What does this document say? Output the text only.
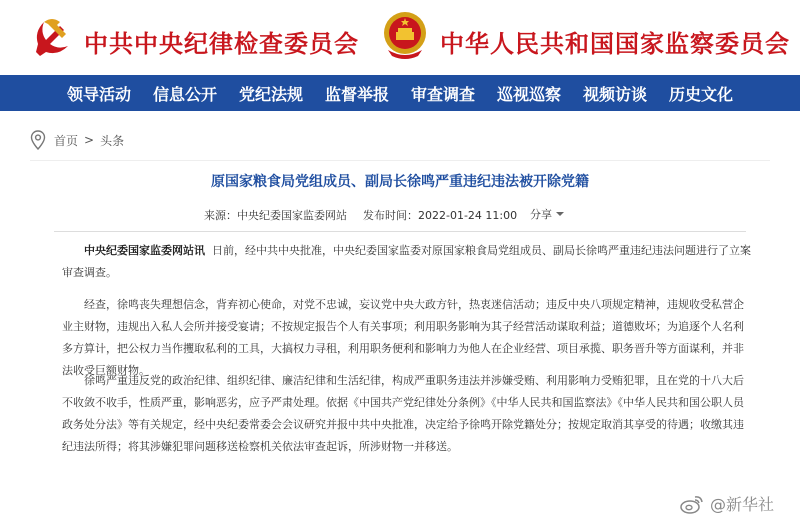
中共中央纪律检查委员会	中华人民共和国国家监察委员会
领导活动	信息公开	党纪法规	监督举报	审查调查	巡视巡察	视频访谈	历史文化
首页 > 头条
原国家粮食局党组成员、副局长徐鸣严重违纪违法被开除党籍
来源： 中央纪委国家监委网站 发布时间： 2022-01-24 11:00 分享

中央纪委国家监委网站讯 日前，经中共中央批准，中央纪委国家监委对原国家粮食局党组成员、副局长徐鸣严重违纪违法问题进行了立案审查调查。

经查，徐鸣丧失理想信念，背弃初心使命，对党不忠诚，妄议党中央大政方针，热衷迷信活动；违反中央八项规定精神，违规收受私营企业主财物，违规出入私人会所并接受宴请；不按规定报告个人有关事项；利用职务影响为其子经营活动谋取利益；道德败坏；为追逐个人名利多方算计，把公权力当作攫取私利的工具，大搞权力寻租，利用职务便利和影响力为他人在企业经营、项目承揽、职务晋升等方面谋利，并非法收受巨额财物。

徐鸣严重违反党的政治纪律、组织纪律、廉洁纪律和生活纪律，构成严重职务违法并涉嫌受贿、利用影响力受贿犯罪，且在党的十八大后不收敛不收手，性质严重，影响恶劣，应予严肃处理。依据《中国共产党纪律处分条例》《中华人民共和国监察法》《中华人民共和国公职人员政务处分法》等有关规定，经中央纪委常委会会议研究并报中共中央批准，决定给予徐鸣开除党籍处分；按规定取消其享受的待遇；收缴其违纪违法所得；将其涉嫌犯罪问题移送检察机关依法审查起诉，所涉财物一并移送。

@新华社
